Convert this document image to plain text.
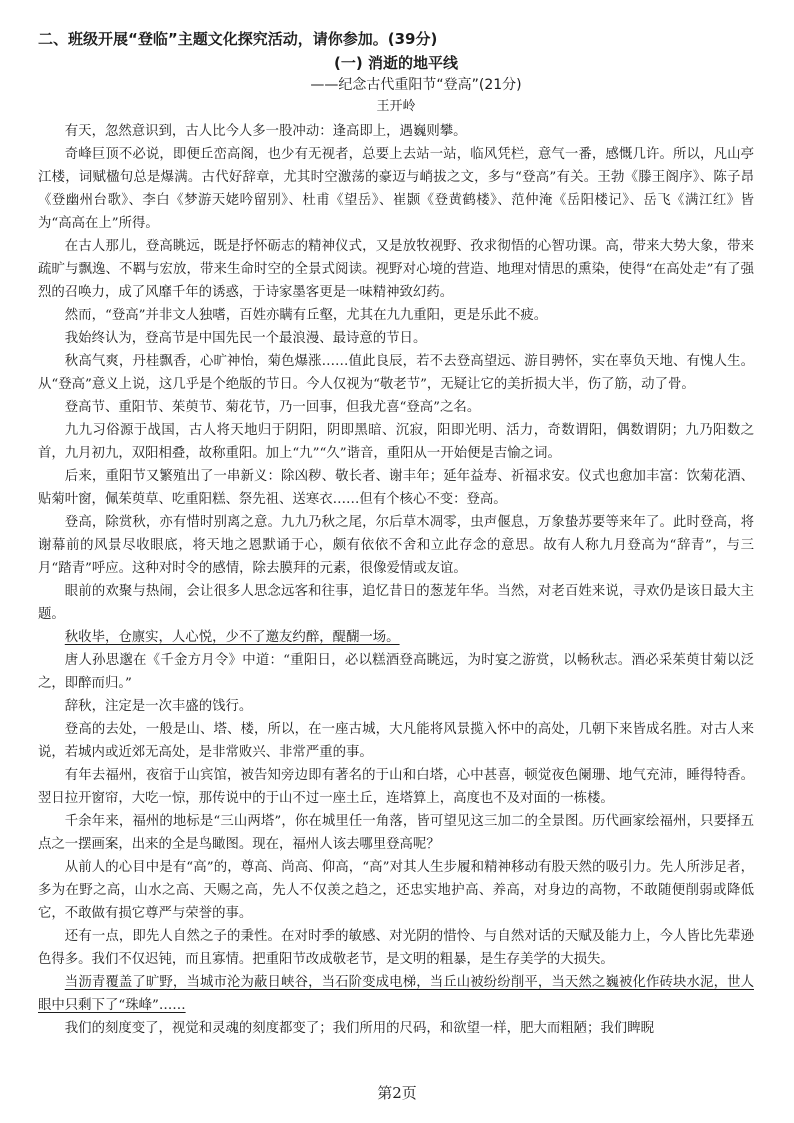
二、班级开展“登临”主题文化探究活动，请你参加。(39分)
(一) 消逝的地平线
——纪念古代重阳节“登高”(21分)
王开岭

有天，忽然意识到，古人比今人多一股冲动：逢高即上，遇巍则攀。

奇峰巨顶不必说，即便丘峦高阁，也少有无视者，总要上去站一站，临风凭栏，意气一番，感慨几许。所以，凡山亭江楼，词赋楹句总是爆满。古代好辞章，尤其时空激荡的豪迈与峭拔之文，多与“登高”有关。王勃《滕王阁序》、陈子昂《登幽州台歌》、李白《梦游天姥吟留别》、杜甫《望岳》、崔颢《登黄鹤楼》、范仲淹《岳阳楼记》、岳飞《满江红》皆为“高高在上”所得。

在古人那儿，登高眺远，既是抒怀砺志的精神仪式，又是放牧视野、孜求彻悟的心智功课。高，带来大势大象，带来疏旷与飘逸、不羁与宏放，带来生命时空的全景式阅读。视野对心境的营造、地理对情思的熏染，使得“在高处走”有了强烈的召唤力，成了风靡千年的诱惑，于诗家墨客更是一味精神致幻药。

然而，“登高”并非文人独嗜，百姓亦瞒有丘壑，尤其在九九重阳，更是乐此不疲。

我始终认为，登高节是中国先民一个最浪漫、最诗意的节日。

秋高气爽，丹桂飘香，心旷神怡，菊色爆涨……值此良辰，若不去登高望远、游目骋怀，实在辜负天地、有愧人生。从“登高”意义上说，这几乎是个绝版的节日。今人仅视为“敬老节”，无疑让它的美折损大半，伤了筋，动了骨。

登高节、重阳节、茱萸节、菊花节，乃一回事，但我尤喜“登高”之名。

九九习俗源于战国，古人将天地归于阴阳，阴即黑暗、沉寂，阳即光明、活力，奇数谓阳，偶数谓阴；九乃阳数之首，九月初九，双阳相叠，故称重阳。加上“九”“久”谐音，重阳从一开始便是吉愉之词。

后来，重阳节又繁殖出了一串新义：除凶秽、敬长者、谢丰年；延年益寿、祈福求安。仪式也愈加丰富：饮菊花酒、贴菊叶窗，佩茱萸草、吃重阳糕、祭先祖、送寒衣……但有个核心不变：登高。

登高，除赏秋，亦有惜时别离之意。九九乃秋之尾，尔后草木凋零，虫声偃息，万象蛰苏要等来年了。此时登高，将谢幕前的风景尽收眼底，将天地之恩默诵于心，颇有依依不舍和立此存念的意思。故有人称九月登高为“辞青”，与三月“踏青”呼应。这种对时令的感情，除去膜拜的元素，很像爱情或友谊。

眼前的欢聚与热闹，会让很多人思念远客和往事，追忆昔日的葱茏年华。当然，对老百姓来说，寻欢仍是该日最大主题。

秋收毕，仓廪实，人心悦，少不了邀友约醉，醍醐一场。

唐人孙思邈在《千金方月令》中道：“重阳日，必以糕酒登高眺远，为时宴之游赏，以畅秋志。酒必采茱萸甘菊以泛之，即醉而归。”

辞秋，注定是一次丰盛的饯行。

登高的去处，一般是山、塔、楼，所以，在一座古城，大凡能将风景揽入怀中的高处，几朝下来皆成名胜。对古人来说，若城内或近郊无高处，是非常败兴、非常严重的事。

有年去福州，夜宿于山宾馆，被告知旁边即有著名的于山和白塔，心中甚喜，顿觉夜色阑珊、地气充沛，睡得特香。翌日拉开窗帘，大吃一惊，那传说中的于山不过一座土丘，连塔算上，高度也不及对面的一栋楼。

千余年来，福州的地标是“三山两塔”，你在城里任一角落，皆可望见这三加二的全景图。历代画家绘福州，只要择五点之一摆画案，出来的全是鸟瞰图。现在，福州人该去哪里登高呢？

从前人的心目中是有“高”的，尊高、尚高、仰高，“高”对其人生步履和精神移动有股天然的吸引力。先人所涉足者，多为在野之高，山水之高、天赐之高，先人不仅羡之趋之，还忠实地护高、养高，对身边的高物，不敢随便削弱或降低它，不敢做有损它尊严与荣誉的事。

还有一点，即先人自然之子的秉性。在对时季的敏感、对光阴的惜怜、与自然对话的天赋及能力上，今人皆比先辈逊色得多。我们不仅迟钝，而且寡情。把重阳节改成敬老节，是文明的粗暴，是生存美学的大损失。

当沥青覆盖了旷野，当城市沦为蔽日峡谷，当石阶变成电梯，当丘山被纷纷削平，当天然之巍被化作砖块水泥，世人眼中只剩下了“珠峰”……

我们的刻度变了，视觉和灵魂的刻度都变了；我们所用的尺码，和欲望一样，肥大而粗陋；我们睥睨

第2页
